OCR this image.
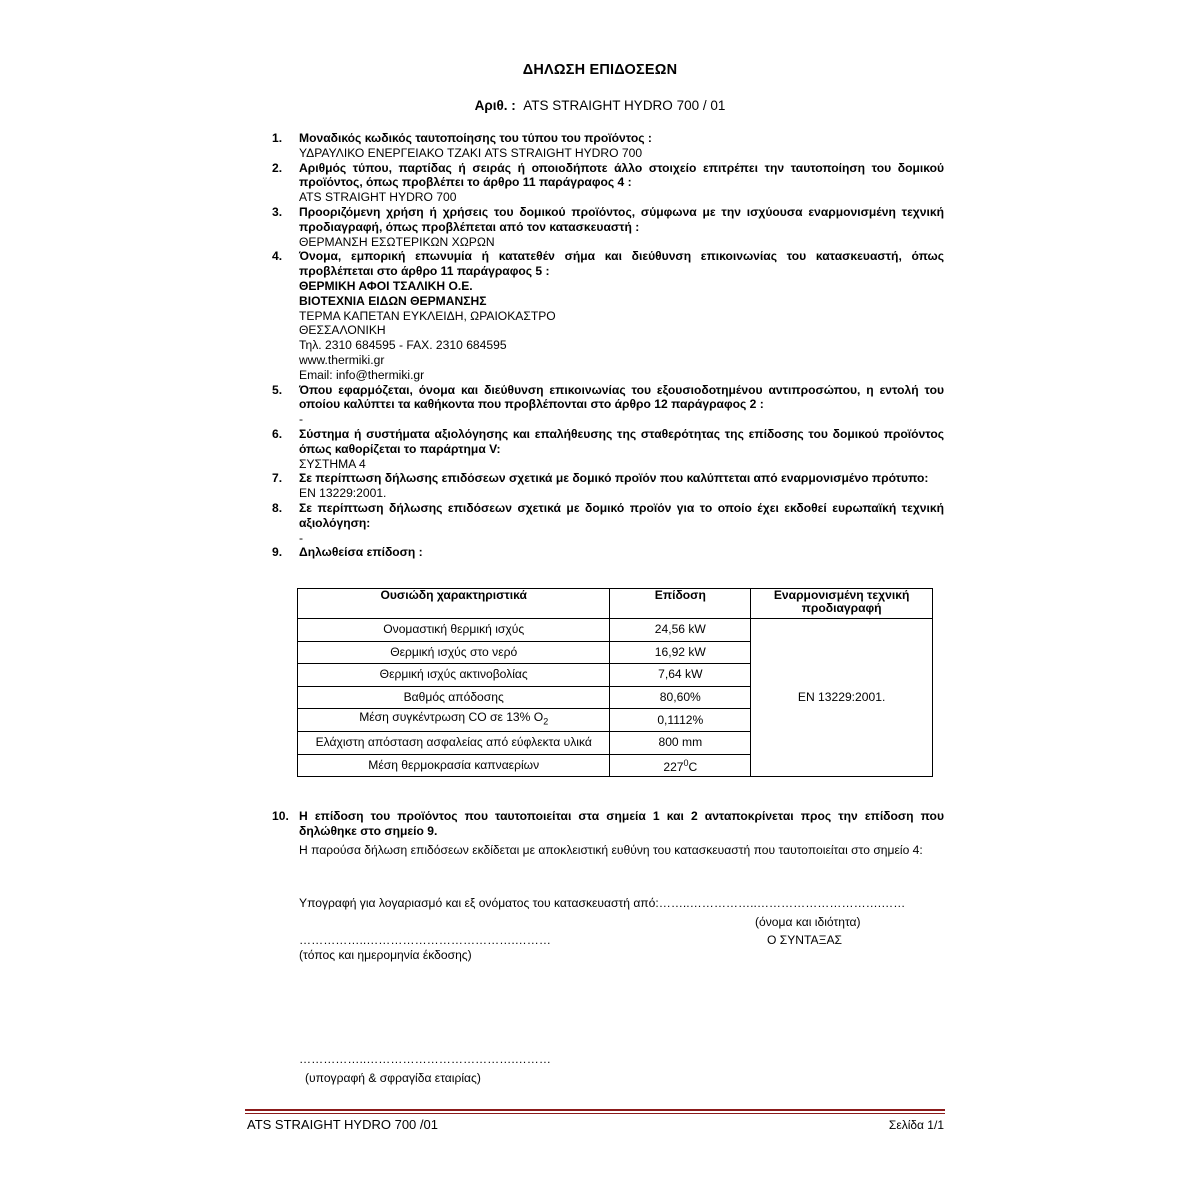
ΔΗΛΩΣΗ ΕΠΙΔΟΣΕΩΝ
Αριθ. : ATS STRAIGHT HYDRO 700 / 01
1. Μοναδικός κωδικός ταυτοποίησης του τύπου του προϊόντος :
ΥΔΡΑΥΛΙΚΟ ΕΝΕΡΓΕΙΑΚΟ ΤΖΑΚΙ ATS STRAIGHT HYDRO 700
2. Αριθμός τύπου, παρτίδας ή σειράς ή οποιοδήποτε άλλο στοιχείο επιτρέπει την ταυτοποίηση του δομικού προϊόντος, όπως προβλέπει το άρθρο 11 παράγραφος 4 :
ATS STRAIGHT HYDRO 700
3. Προοριζόμενη χρήση ή χρήσεις του δομικού προϊόντος, σύμφωνα με την ισχύουσα εναρμονισμένη τεχνική προδιαγραφή, όπως προβλέπεται από τον κατασκευαστή :
ΘΕΡΜΑΝΣΗ ΕΣΩΤΕΡΙΚΩΝ ΧΩΡΩΝ
4. Όνομα, εμπορική επωνυμία ή κατατεθέν σήμα και διεύθυνση επικοινωνίας του κατασκευαστή, όπως προβλέπεται στο άρθρο 11 παράγραφος 5 :
ΘΕΡΜΙΚΗ ΑΦΟΙ ΤΣΑΛΙΚΗ Ο.Ε.
ΒΙΟΤΕΧΝΙΑ ΕΙΔΩΝ ΘΕΡΜΑΝΣΗΣ
ΤΕΡΜΑ ΚΑΠΕΤΑΝ ΕΥΚΛΕΙΔΗ, ΩΡΑΙΟΚΑΣΤΡΟ
ΘΕΣΣΑΛΟΝΙΚΗ
Τηλ. 2310 684595 - FAX. 2310 684595
www.thermiki.gr
Email: info@thermiki.gr
5. Όπου εφαρμόζεται, όνομα και διεύθυνση επικοινωνίας του εξουσιοδοτημένου αντιπροσώπου, η εντολή του οποίου καλύπτει τα καθήκοντα που προβλέπονται στο άρθρο 12 παράγραφος 2 :
-
6. Σύστημα ή συστήματα αξιολόγησης και επαλήθευσης της σταθερότητας της επίδοσης του δομικού προϊόντος όπως καθορίζεται το παράρτημα V:
ΣΥΣΤΗΜΑ 4
7. Σε περίπτωση δήλωσης επιδόσεων σχετικά με δομικό προϊόν που καλύπτεται από εναρμονισμένο πρότυπο:
EN 13229:2001.
8. Σε περίπτωση δήλωσης επιδόσεων σχετικά με δομικό προϊόν για το οποίο έχει εκδοθεί ευρωπαϊκή τεχνική αξιολόγηση:
-
9. Δηλωθείσα επίδοση :
Ουσιώδη χαρακτηριστικά	Επίδοση	Εναρμονισμένη τεχνική προδιαγραφή
Ονομαστική θερμική ισχύς	24,56 kW	EN 13229:2001.
Θερμική ισχύς στο νερό	16,92 kW	
Θερμική ισχύς ακτινοβολίας	7,64 kW	
Βαθμός απόδοσης	80,60%	
Μέση συγκέντρωση CO σε 13% $O_2$	0,1112%	
Ελάχιστη απόσταση ασφαλείας από εύφλεκτα υλικά	800 mm	
Μέση θερμοκρασία καπναερίων	$227^0C$	
10. Η επίδοση του προϊόντος που ταυτοποιείται στα σημεία 1 και 2 ανταποκρίνεται προς την επίδοση που δηλώθηκε στο σημείο 9.
Η παρούσα δήλωση επιδόσεων εκδίδεται με αποκλειστική ευθύνη του κατασκευαστή που ταυτοποιείται στο σημείο 4:
Υπογραφή για λογαριασμό και εξ ονόματος του κατασκευαστή από:……..……………..………………………….……
(όνομα και ιδιότητα)
……………..……………………………….………	Ο ΣΥΝΤΑΞΑΣ
(τόπος και ημερομηνία έκδοσης)
……………..……………………………….………
(υπογραφή & σφραγίδα εταιρίας)
ATS STRAIGHT HYDRO 700 /01	Σελίδα 1/1
